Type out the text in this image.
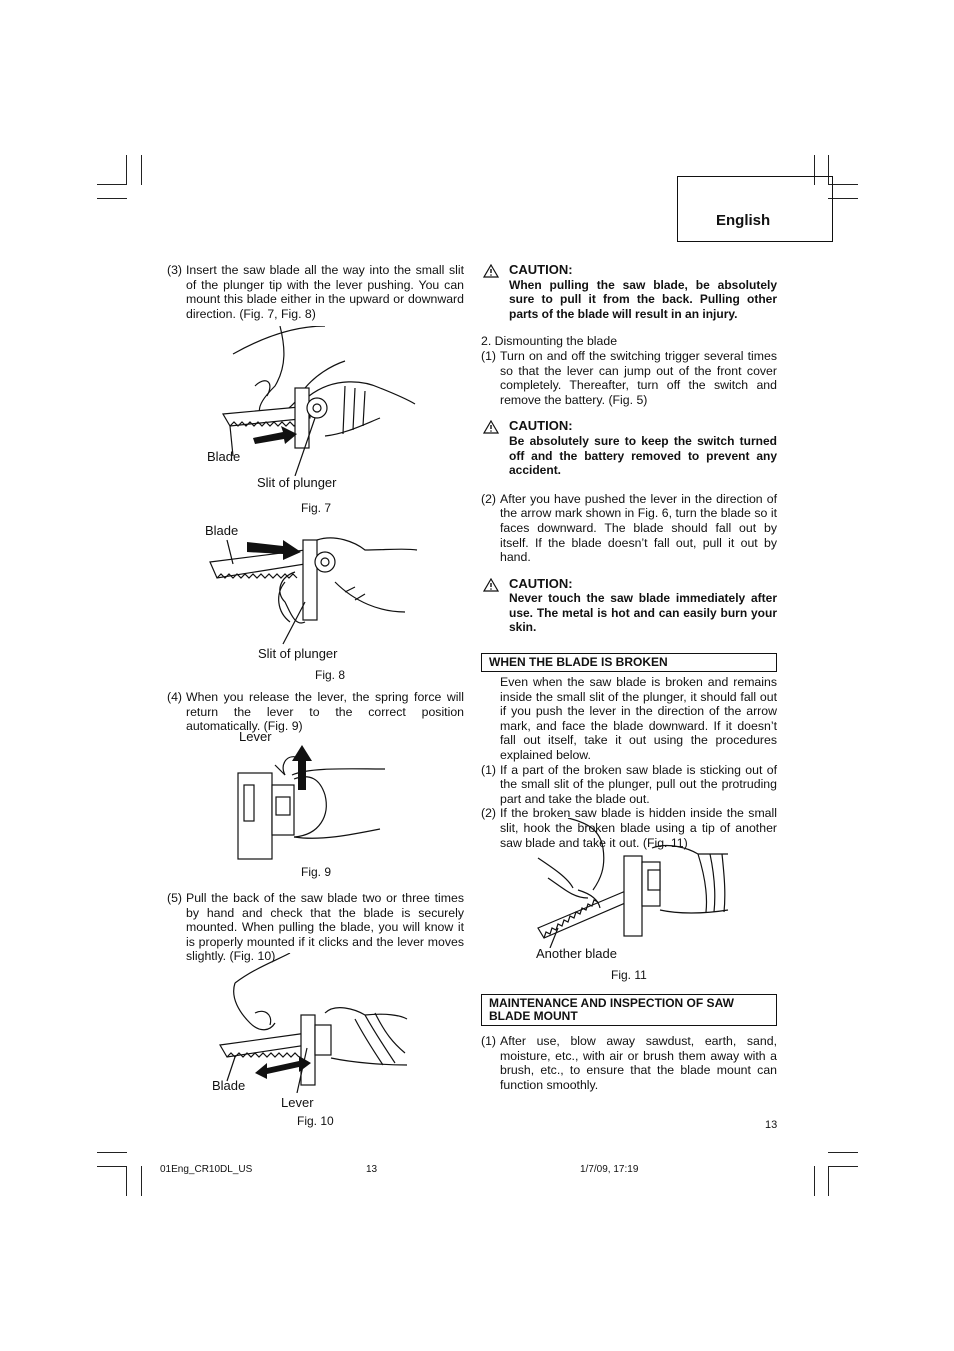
English
(3) Insert the saw blade all the way into the small slit of the plunger tip with the lever pushing. You can mount this blade either in the upward or downward direction. (Fig. 7, Fig. 8)
Blade
Slit of plunger
Fig. 7
Blade
Slit of plunger
Fig. 8
(4) When you release the lever, the spring force will return the lever to the correct position automatically. (Fig. 9)
Lever
Fig. 9
(5) Pull the back of the saw blade two or three times by hand and check that the blade is securely mounted. When pulling the blade, you will know it is properly mounted if it clicks and the lever moves slightly. (Fig. 10)
Blade
Lever
Fig. 10
CAUTION:
When pulling the saw blade, be absolutely sure to pull it from the back. Pulling other parts of the blade will result in an injury.
2. Dismounting the blade
(1) Turn on and off the switching trigger several times so that the lever can jump out of the front cover completely. Thereafter, turn off the switch and remove the battery. (Fig. 5)
CAUTION:
Be absolutely sure to keep the switch turned off and the battery removed to prevent any accident.
(2) After you have pushed the lever in the direction of the arrow mark shown in Fig. 6, turn the blade so it faces downward. The blade should fall out by itself. If the blade doesn’t fall out, pull it out by hand.
CAUTION:
Never touch the saw blade immediately after use. The metal is hot and can easily burn your skin.
WHEN THE BLADE IS BROKEN
Even when the saw blade is broken and remains inside the small slit of the plunger, it should fall out if you push the lever in the direction of the arrow mark, and face the blade downward. If it doesn’t fall out itself, take it out using the procedures explained below.
(1) If a part of the broken saw blade is sticking out of the small slit of the plunger, pull out the protruding part and take the blade out.
(2) If the broken saw blade is hidden inside the small slit, hook the broken blade using a tip of another saw blade and take it out. (Fig. 11)
Another blade
Fig. 11
MAINTENANCE AND INSPECTION OF SAW BLADE MOUNT
(1) After use, blow away sawdust, earth, sand, moisture, etc., with air or brush them away with a brush, etc., to ensure that the blade mount can function smoothly.
13
01Eng_CR10DL_US	13	1/7/09, 17:19
